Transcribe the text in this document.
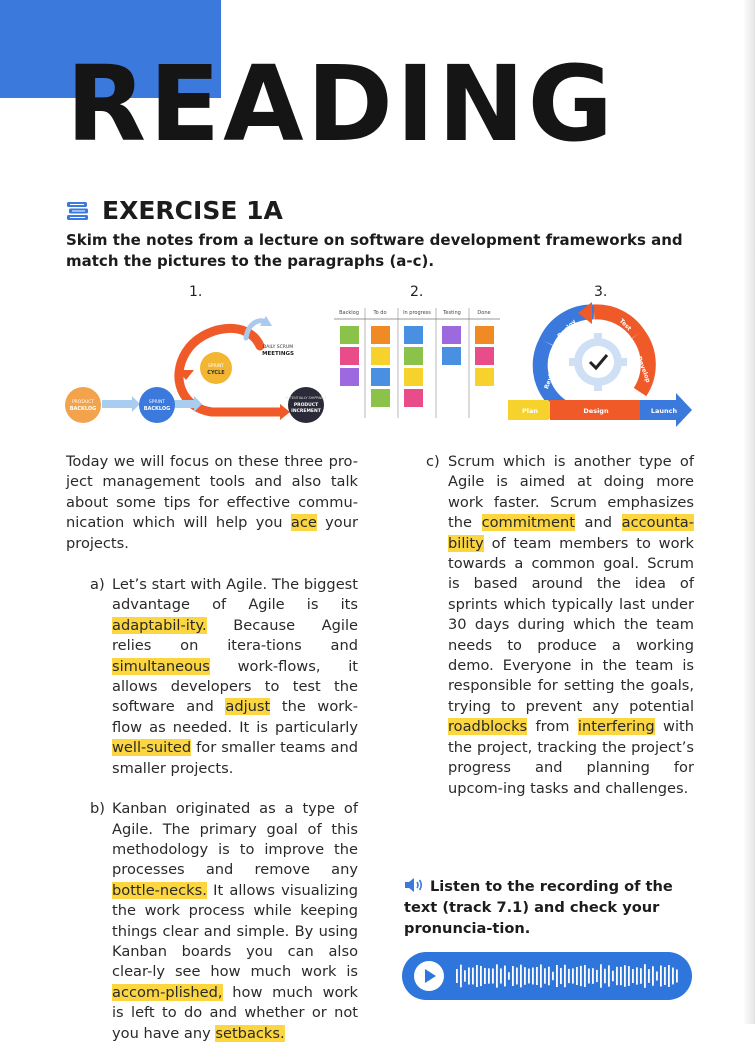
READING
EXERCISE 1A
Skim the notes from a lecture on software development frameworks and match the pictures to the paragraphs (a-c).
1.	2.	3.
PRODUCT
BACKLOG
SPRINT
BACKLOG
SPRINT
CYCLE
DAILY SCRUM
MEETINGS
POTENTIALLY SHIPPABLE
PRODUCT
INCREMENT
Backlog	To do	In progress Testing	Done
Plan	Design	Launch
Deploy	Test
Develop
Review

Today we will focus on these three pro-ject management tools and also talk about some tips for effective commu-nication which will help you ace your projects.

a) Let’s start with Agile. The biggest advantage of Agile is its adaptabil-ity. Because Agile relies on itera-tions and simultaneous work-flows, it allows developers to test the software and adjust the work-flow as needed. It is particularly well-suited for smaller teams and smaller projects.
b) Kanban originated as a type of Agile. The primary goal of this methodology is to improve the processes and remove any bottle-necks. It allows visualizing the work process while keeping things clear and simple. By using Kanban boards you can also clear-ly see how much work is accom-plished, how much work is left to do and whether or not you have any setbacks.
c) Scrum which is another type of Agile is aimed at doing more work faster. Scrum emphasizes the commitment and accounta-bility of team members to work towards a common goal. Scrum is based around the idea of sprints which typically last under 30 days during which the team needs to produce a working demo. Everyone in the team is responsible for setting the goals, trying to prevent any potential roadblocks from interfering with the project, tracking the project’s progress and planning for upcom-ing tasks and challenges.
Listen to the recording of the text (track 7.1) and check your pronuncia-tion.
